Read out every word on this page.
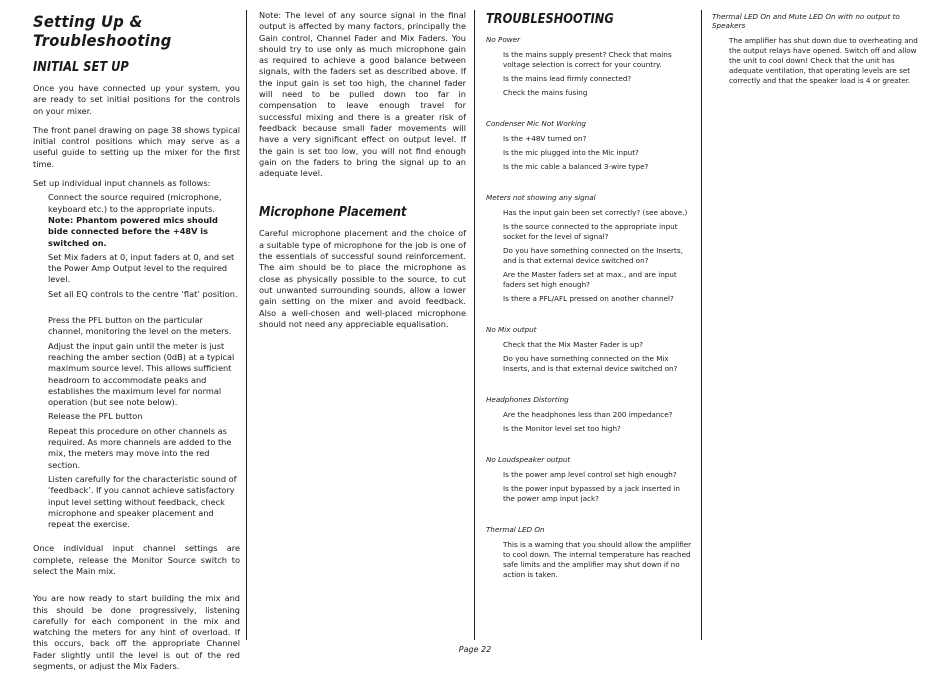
Setting Up & Troubleshooting
INITIAL SET UP

Once you have connected up your system, you are ready to set initial positions for the controls on your mixer.

The front panel drawing on page 38 shows typical initial control positions which may serve as a useful guide to setting up the mixer for the first time.

Set up individual input channels as follows:

Connect the source required (microphone, keyboard etc.) to the appropriate inputs.

Note: Phantom powered mics should bide connected before the +48V is switched on.

Set Mix faders at 0, input faders at 0, and set the Power Amp Output level to the required level.

Set all EQ controls to the centre ‘flat’ position.

Press the PFL button on the particular channel, monitoring the level on the meters.

Adjust the input gain until the meter is just reaching the amber section (0dB) at a typical maximum source level. This allows sufficient headroom to accommodate peaks and establishes the maximum level for normal operation (but see note below).

Release the PFL button

Repeat this procedure on other channels as required. As more channels are added to the mix, the meters may move into the red section.

Listen carefully for the characteristic sound of ‘feedback’. If you cannot achieve satisfactory input level setting without feedback, check microphone and speaker placement and repeat the exercise.

Once individual input channel settings are complete, release the Monitor Source switch to select the Main mix.

You are now ready to start building the mix and this should be done progressively, listening carefully for each component in the mix and watching the meters for any hint of overload. If this occurs, back off the appropriate Channel Fader slightly until the level is out of the red segments, or adjust the Mix Faders.

Note: The level of any source signal in the final output is affected by many factors, principally the Gain control, Channel Fader and Mix Faders. You should try to use only as much microphone gain as required to achieve a good balance between signals, with the faders set as described above. If the input gain is set too high, the channel fader will need to be pulled down too far in compensation to leave enough travel for successful mixing and there is a greater risk of feedback because small fader movements will have a very significant effect on output level. If the gain is set too low, you will not find enough gain on the faders to bring the signal up to an adequate level.

Microphone Placement

Careful microphone placement and the choice of a suitable type of microphone for the job is one of the essentials of successful sound reinforcement. The aim should be to place the microphone as close as physically possible to the source, to cut out unwanted surrounding sounds, allow a lower gain setting on the mixer and avoid feedback. Also a well-chosen and well-placed microphone should not need any appreciable equalisation.

TROUBLESHOOTING
No Power
Is the mains supply present? Check that mains voltage selection is correct for your country.
Is the mains lead firmly connected?
Check the mains fusing
Condenser Mic Not Working
Is the +48V turned on?
Is the mic plugged into the Mic input?
Is the mic cable a balanced 3-wire type?
Meters not showing any signal
Has the input gain been set correctly? (see above.)
Is the source connected to the appropriate input socket for the level of signal?
Do you have something connected on the Inserts, and is that external device switched on?
Are the Master faders set at max., and are input faders set high enough?
Is there a PFL/AFL pressed on another channel?
No Mix output
Check that the Mix Master Fader is up?
Do you have something connected on the Mix Inserts, and is that external device switched on?
Headphones Distorting
Are the headphones less than 200 impedance?
Is the Monitor level set too high?
No Loudspeaker output
Is the power amp level control set high enough?
Is the power input bypassed by a jack inserted in the power amp input jack?
Thermal LED On
This is a warning that you should allow the amplifier to cool down. The internal temperature has reached safe limits and the amplifier may shut down if no action is taken.
Thermal LED On and Mute LED On with no output to Speakers
The amplifier has shut down due to overheating and the output relays have opened. Switch off and allow the unit to cool down! Check that the unit has adequate ventilation, that operating levels are set correctly and that the speaker load is 4 or greater.
Page 22
